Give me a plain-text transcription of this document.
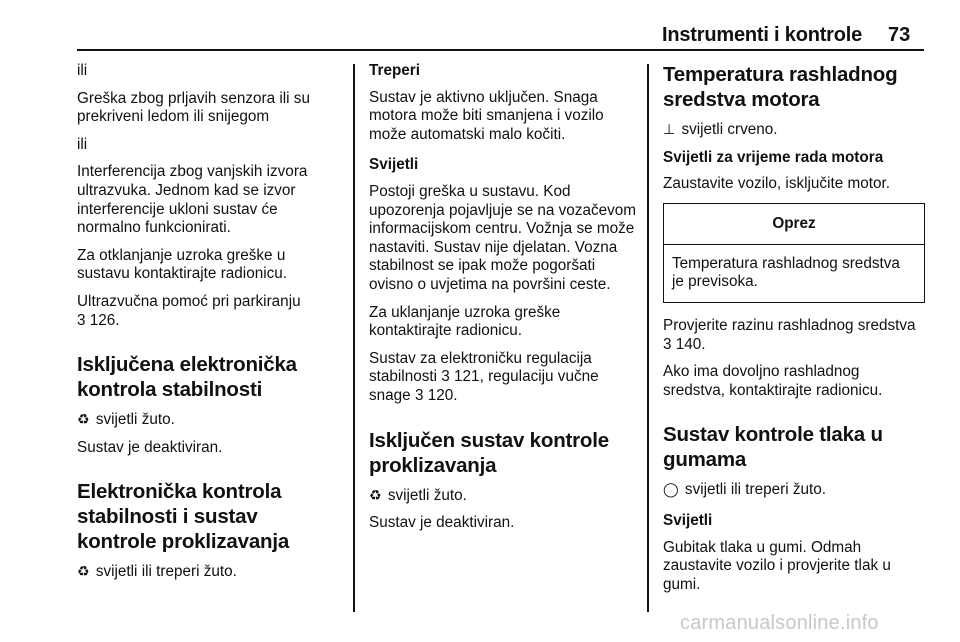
Instrumenti i kontrole 73

ili

Greška zbog prljavih senzora ili su prekriveni ledom ili snijegom

ili

Interferencija zbog vanjskih izvora ultrazvuka. Jednom kad se izvor interferencije ukloni sustav će normalno funkcionirati.

Za otklanjanje uzroka greške u sustavu kontaktirajte radionicu.

Ultrazvučna pomoć pri parkiranju
3 126.

Isključena elektronička kontrola stabilnosti

♻ svijetli žuto.

Sustav je deaktiviran.

Elektronička kontrola stabilnosti i sustav kontrole proklizavanja

♻ svijetli ili treperi žuto.

Treperi

Sustav je aktivno uključen. Snaga motora može biti smanjena i vozilo može automatski malo kočiti.

Svijetli

Postoji greška u sustavu. Kod upozorenja pojavljuje se na vozačevom informacijskom centru. Vožnja se može nastaviti. Sustav nije djelatan. Vozna stabilnost se ipak može pogoršati ovisno o uvjetima na površini ceste.

Za uklanjanje uzroka greške kontaktirajte radionicu.

Sustav za elektroničku regulacija stabilnosti 3 121, regulaciju vučne snage 3 120.

Isključen sustav kontrole proklizavanja

♻ svijetli žuto.

Sustav je deaktiviran.

Temperatura rashladnog sredstva motora

⊥ svijetli crveno.

Svijetli za vrijeme rada motora

Zaustavite vozilo, isključite motor.

Oprez
Temperatura rashladnog sredstva je previsoka.

Provjerite razinu rashladnog sredstva
3 140.

Ako ima dovoljno rashladnog sredstva, kontaktirajte radionicu.

Sustav kontrole tlaka u gumama

◯ svijetli ili treperi žuto.

Svijetli

Gubitak tlaka u gumi. Odmah zaustavite vozilo i provjerite tlak u gumi.

carmanualsonline.info
